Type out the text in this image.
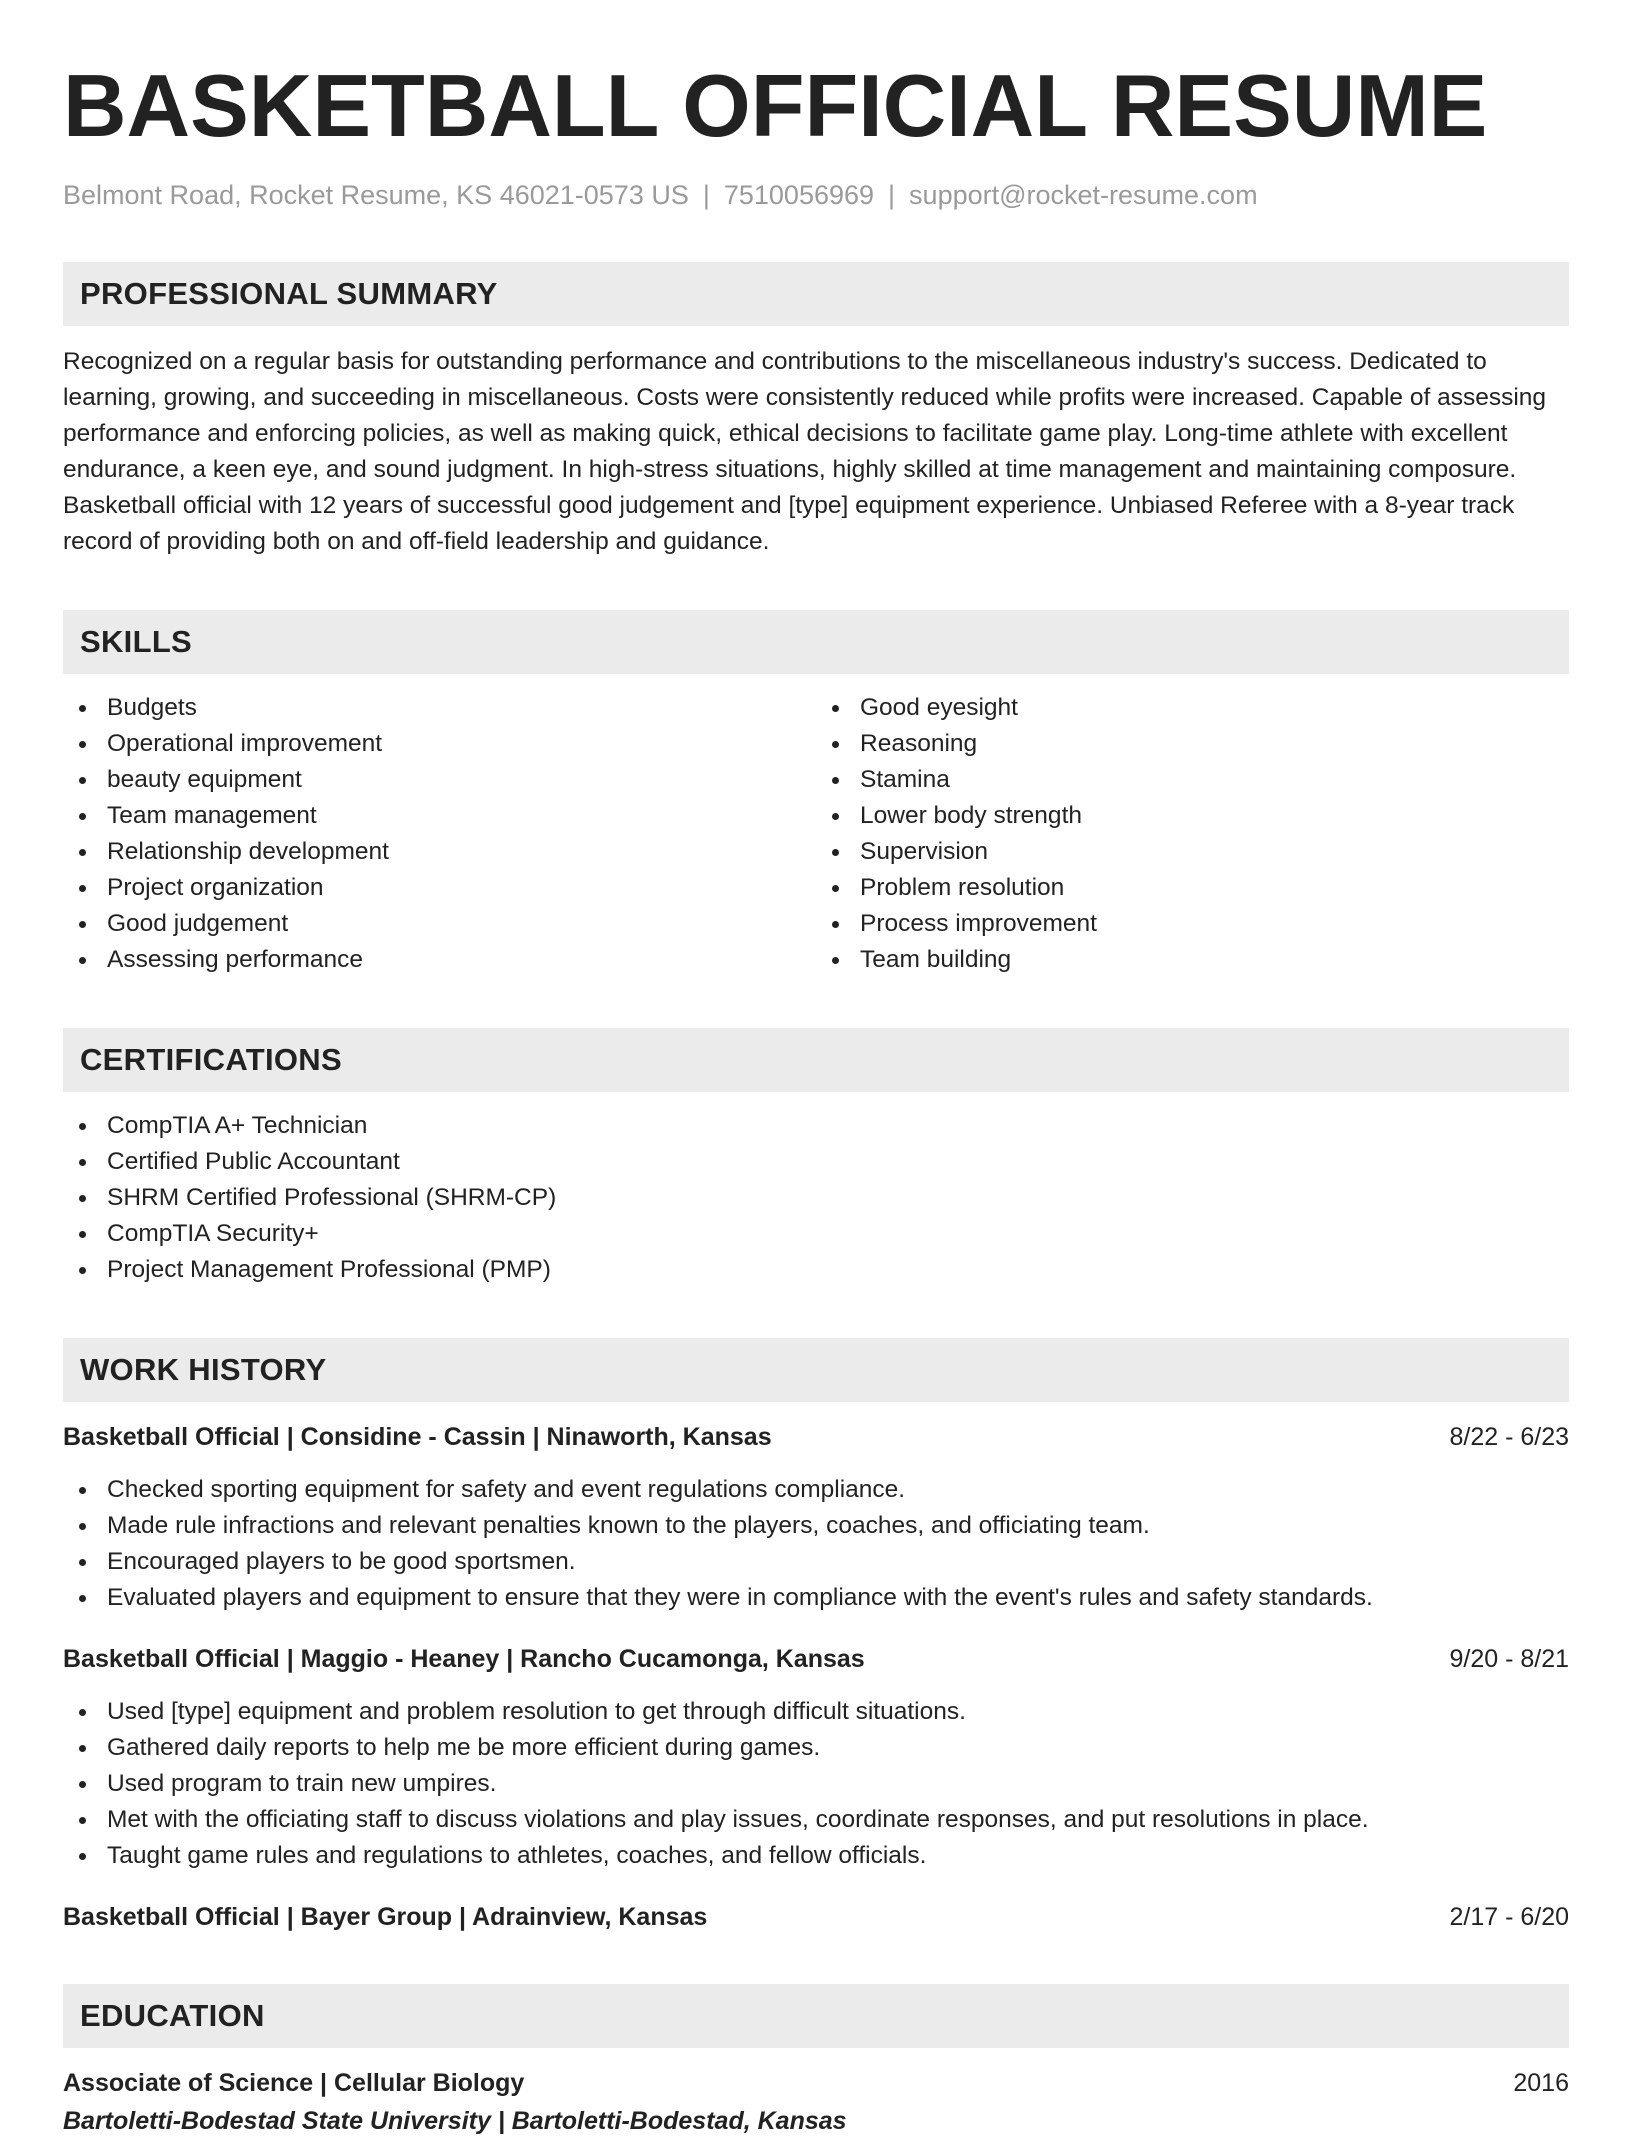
BASKETBALL OFFICIAL RESUME
Belmont Road, Rocket Resume, KS 46021-0573 US | 7510056969 | support@rocket-resume.com
PROFESSIONAL SUMMARY

Recognized on a regular basis for outstanding performance and contributions to the miscellaneous industry's success. Dedicated to learning, growing, and succeeding in miscellaneous. Costs were consistently reduced while profits were increased. Capable of assessing performance and enforcing policies, as well as making quick, ethical decisions to facilitate game play. Long-time athlete with excellent endurance, a keen eye, and sound judgment. In high-stress situations, highly skilled at time management and maintaining composure. Basketball official with 12 years of successful good judgement and [type] equipment experience. Unbiased Referee with a 8-year track record of providing both on and off-field leadership and guidance.

SKILLS
Budgets
Operational improvement
beauty equipment
Team management
Relationship development
Project organization
Good judgement
Assessing performance
Good eyesight
Reasoning
Stamina
Lower body strength
Supervision
Problem resolution
Process improvement
Team building
CERTIFICATIONS
CompTIA A+ Technician
Certified Public Accountant
SHRM Certified Professional (SHRM-CP)
CompTIA Security+
Project Management Professional (PMP)
WORK HISTORY
Basketball Official | Considine - Cassin | Ninaworth, Kansas	8/22 - 6/23
Checked sporting equipment for safety and event regulations compliance.
Made rule infractions and relevant penalties known to the players, coaches, and officiating team.
Encouraged players to be good sportsmen.
Evaluated players and equipment to ensure that they were in compliance with the event's rules and safety standards.
Basketball Official | Maggio - Heaney | Rancho Cucamonga, Kansas	9/20 - 8/21
Used [type] equipment and problem resolution to get through difficult situations.
Gathered daily reports to help me be more efficient during games.
Used program to train new umpires.
Met with the officiating staff to discuss violations and play issues, coordinate responses, and put resolutions in place.
Taught game rules and regulations to athletes, coaches, and fellow officials.
Basketball Official | Bayer Group | Adrainview, Kansas	2/17 - 6/20
EDUCATION
Associate of Science | Cellular Biology	2016
Bartoletti-Bodestad State University | Bartoletti-Bodestad, Kansas
